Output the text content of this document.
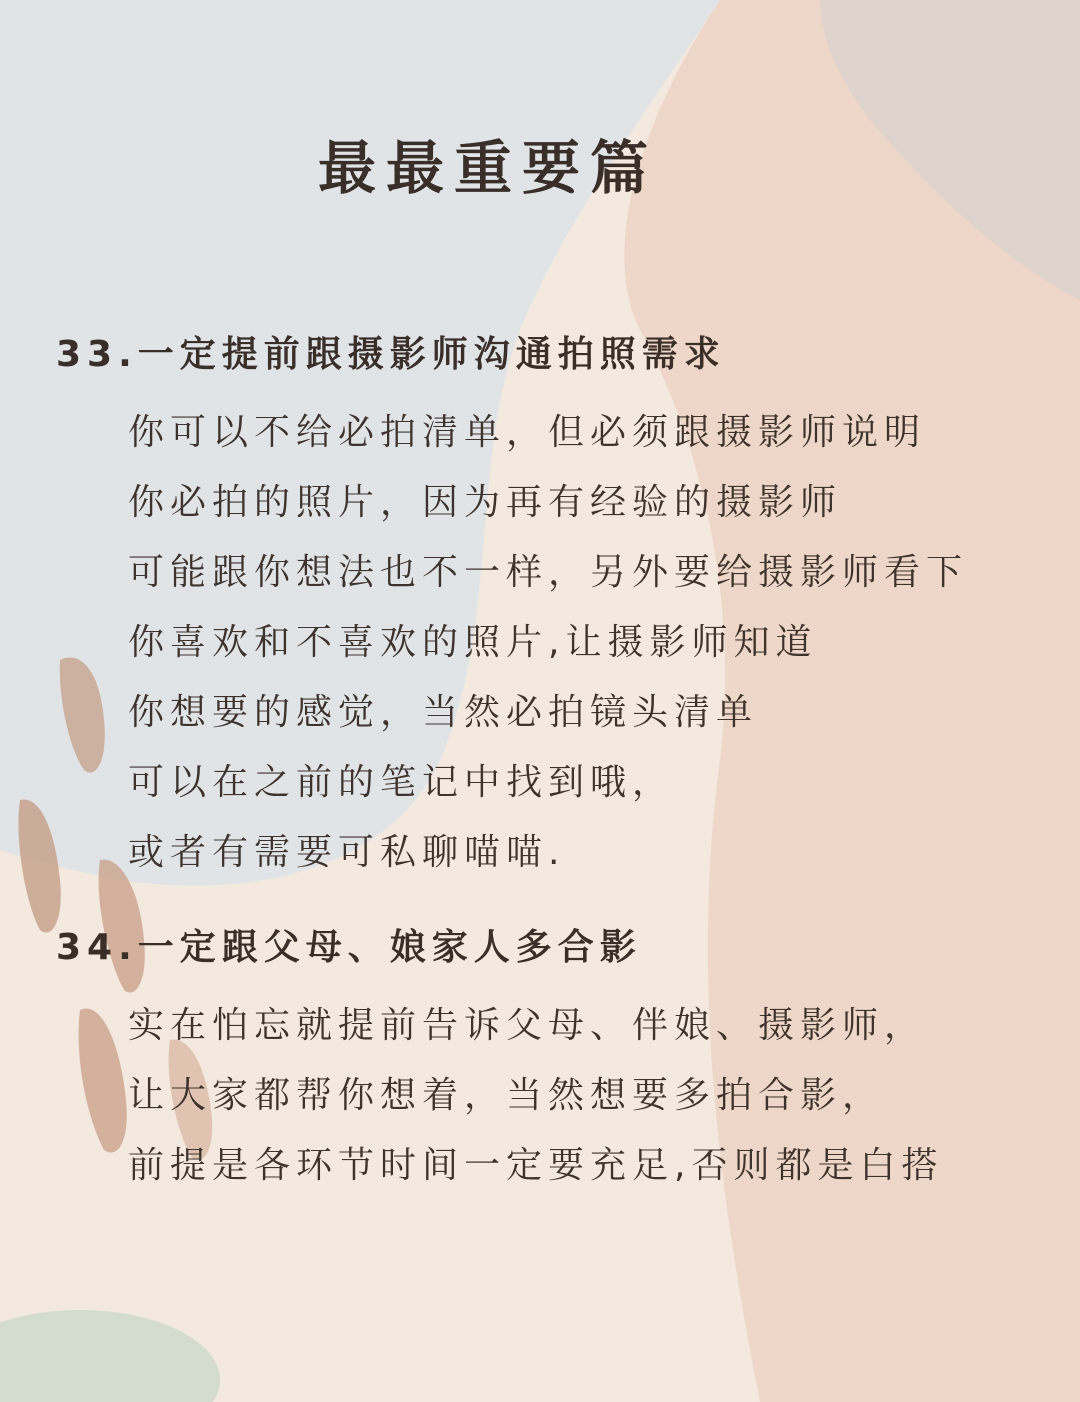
最最重要篇
33.一定提前跟摄影师沟通拍照需求
你可以不给必拍清单，但必须跟摄影师说明
你必拍的照片，因为再有经验的摄影师
可能跟你想法也不一样，另外要给摄影师看下
你喜欢和不喜欢的照片,让摄影师知道
你想要的感觉，当然必拍镜头清单
可以在之前的笔记中找到哦，
或者有需要可私聊喵喵.
34.一定跟父母、娘家人多合影
实在怕忘就提前告诉父母、伴娘、摄影师，
让大家都帮你想着，当然想要多拍合影，
前提是各环节时间一定要充足,否则都是白搭
